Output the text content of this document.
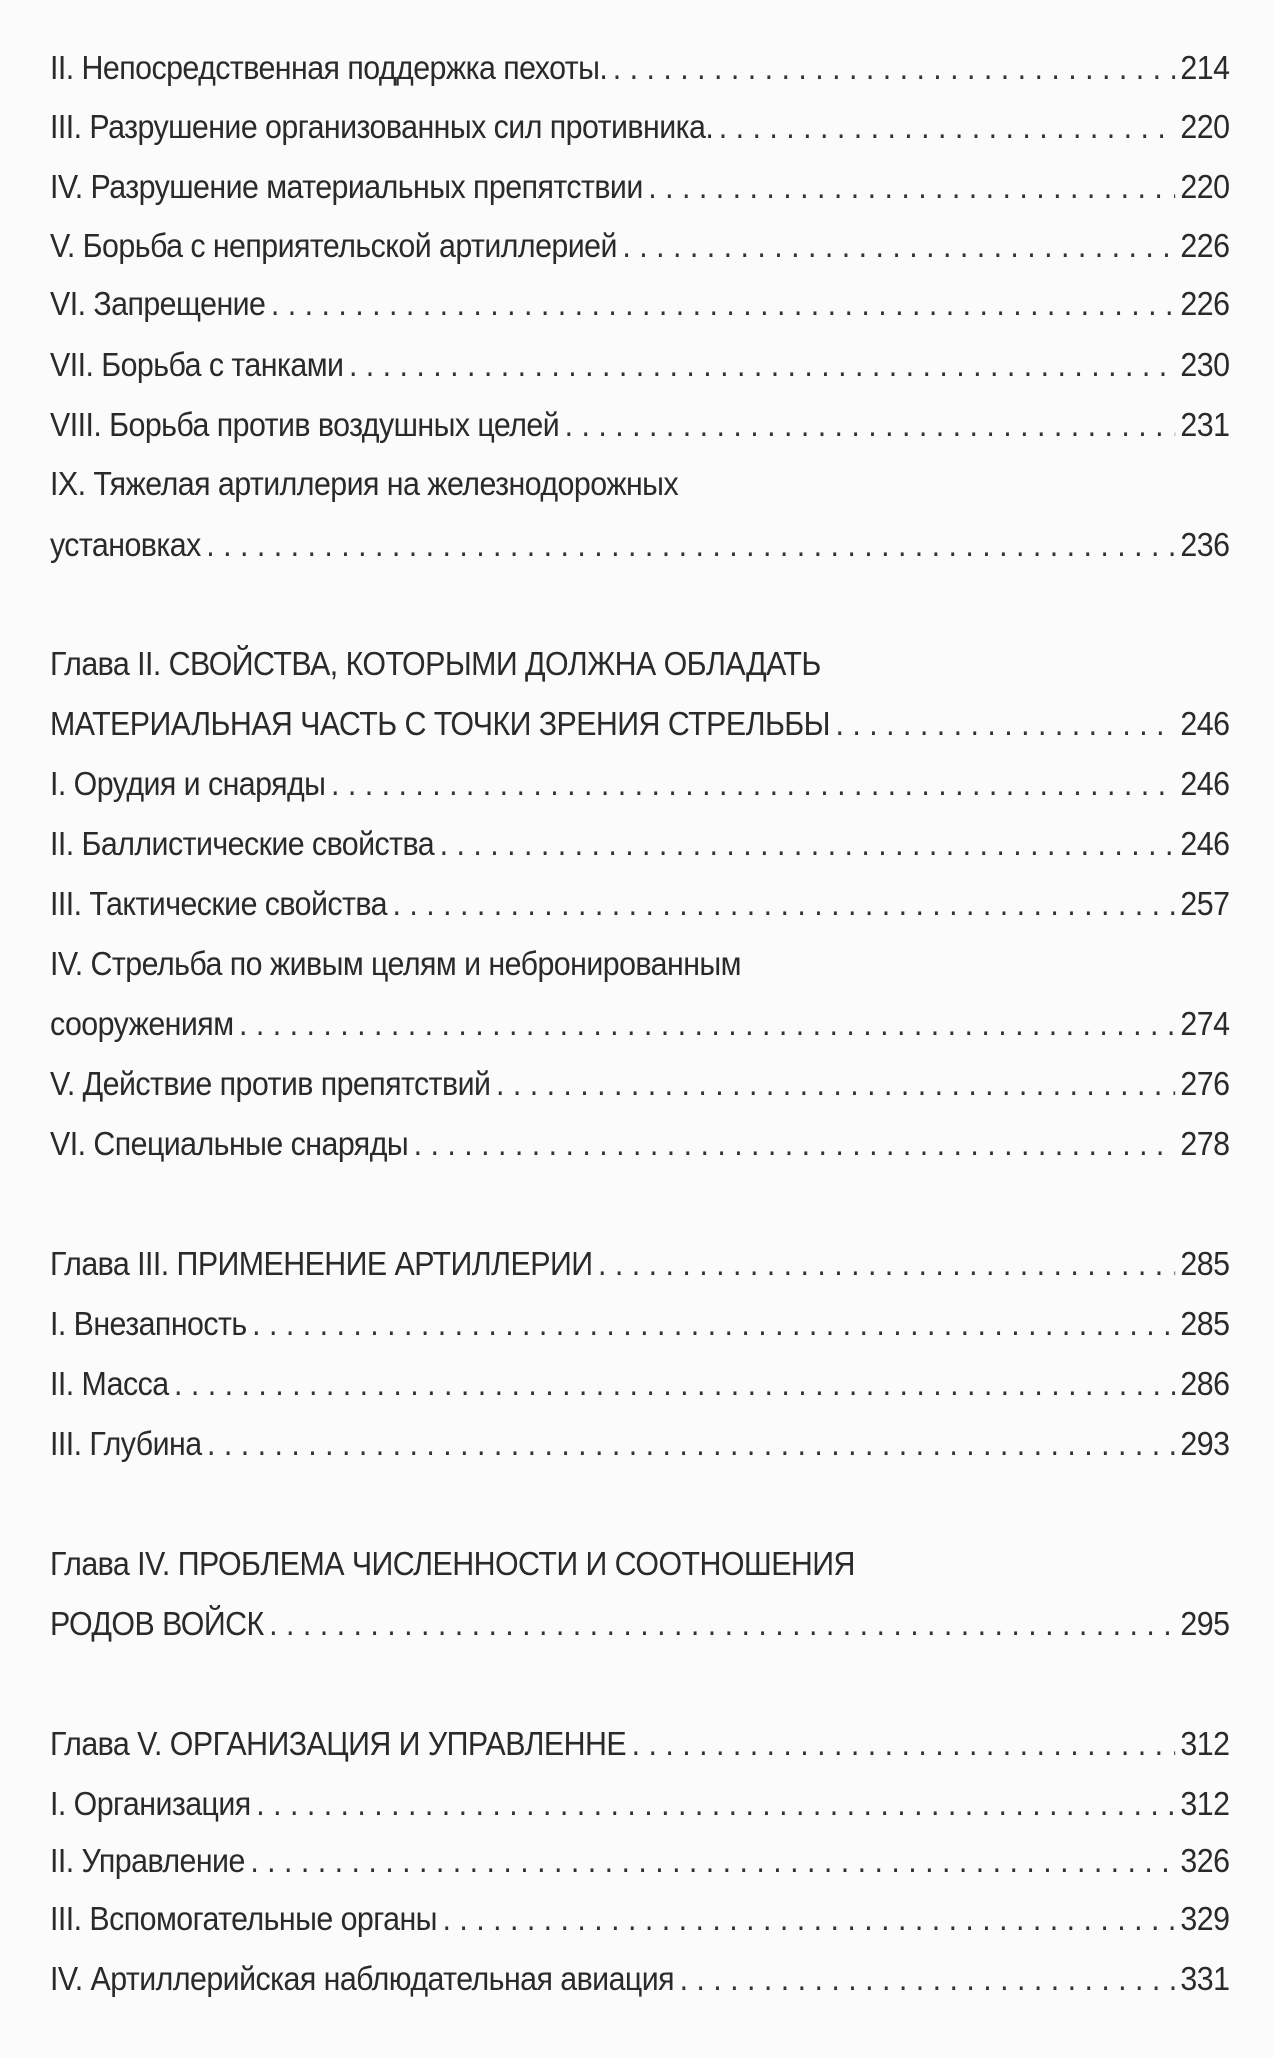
II. Непосредственная поддержка пехоты. . . .	214
III. Разрушение организованных сил противника. . . .	220
IV. Разрушение материальных препятствии . . .	220
V. Борьба с неприятельской артиллерией . . .	226
VI. Запрещение . . .	226
VII. Борьба с танками . . .	230
VIII. Борьба против воздушных целей . . .	231
IX. Тяжелая артиллерия на железнодорожных
установках . . .	236
Глава II. СВОЙСТВА, КОТОРЫМИ ДОЛЖНА ОБЛАДАТЬ
МАТЕРИАЛЬНАЯ ЧАСТЬ С ТОЧКИ ЗРЕНИЯ СТРЕЛЬБЫ . . .	246
I. Орудия и снаряды . . .	246
II. Баллистические свойства . . .	246
III. Тактические свойства . . .	257
IV. Стрельба по живым целям и небронированным
сооружениям . . .	274
V. Действие против препятствий . . .	276
VI. Специальные снаряды . . .	278
Глава III. ПРИМЕНЕНИЕ АРТИЛЛЕРИИ . . .	285
I. Внезапность . . .	285
II. Масса . . .	286
III. Глубина . . .	293
Глава IV. ПРОБЛЕМА ЧИСЛЕННОСТИ И СООТНОШЕНИЯ
РОДОВ ВОЙСК . . .	295
Глава V. ОРГАНИЗАЦИЯ И УПРАВЛЕННЕ . . .	312
I. Организация . . .	312
II. Управление . . .	326
III. Вспомогательные органы . . .	329
IV. Артиллерийская наблюдательная авиация . . .	331
